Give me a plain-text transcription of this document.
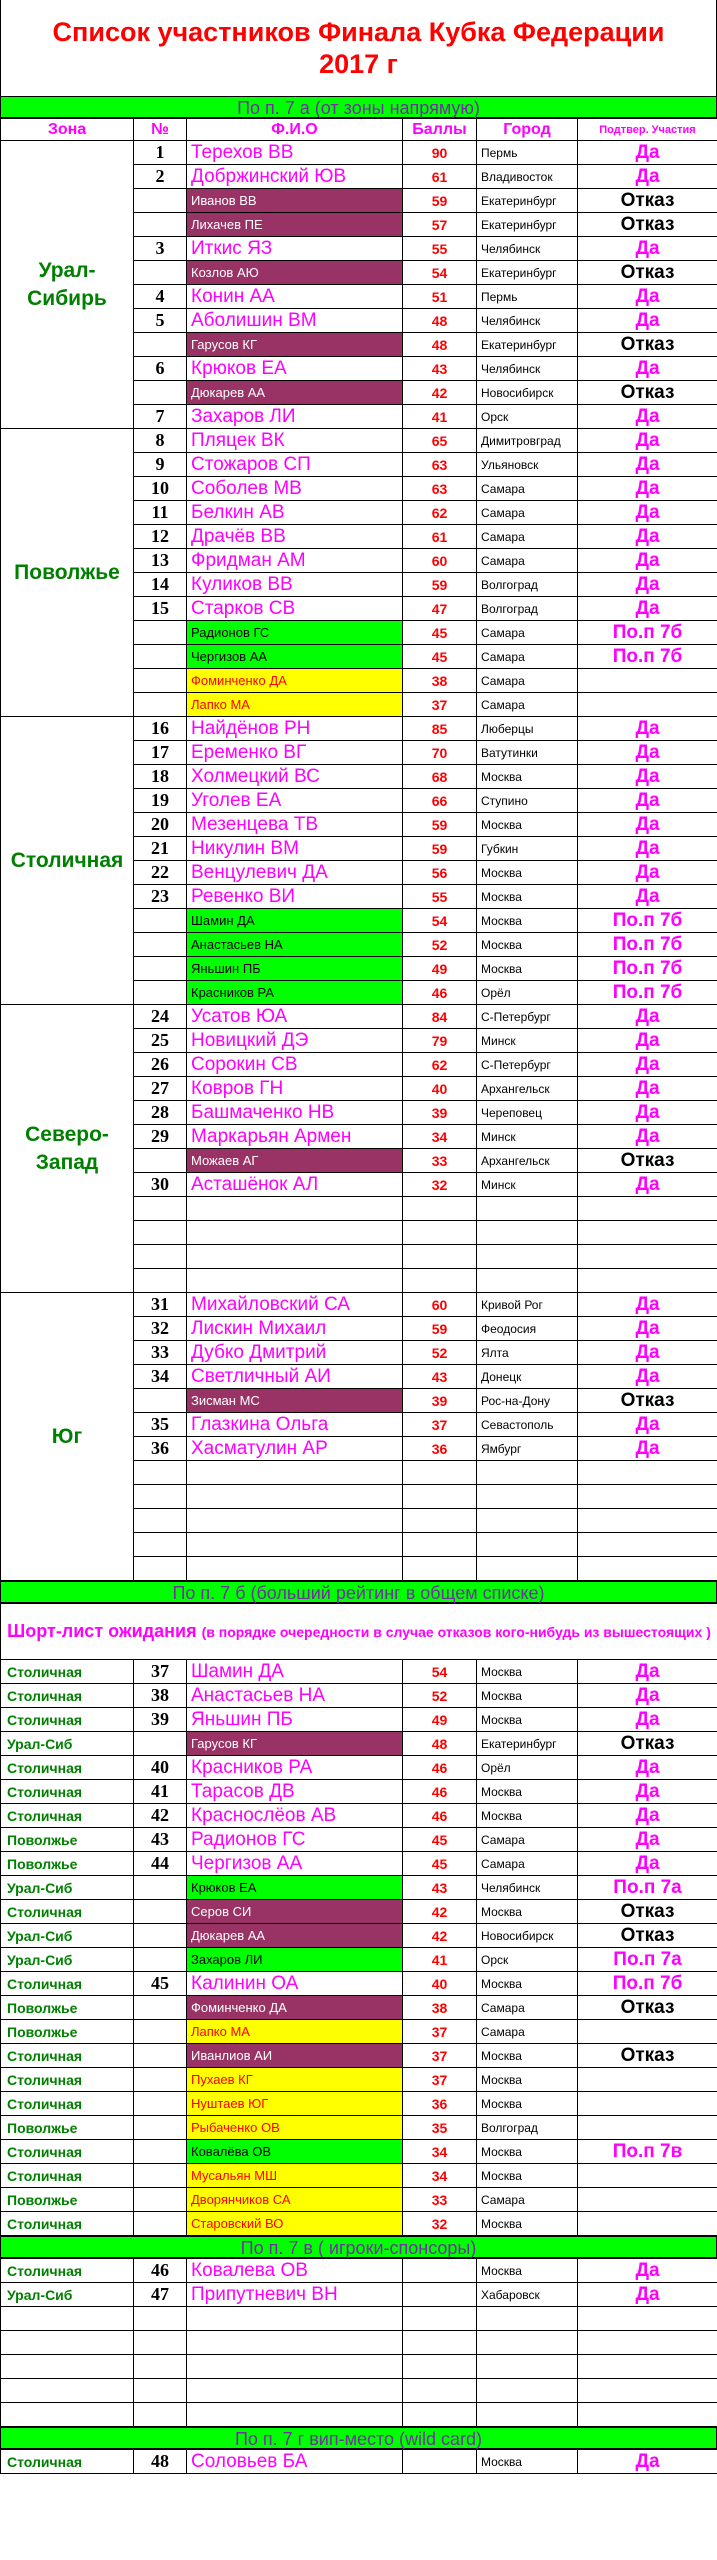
Список участников Финала Кубка Федерации
2017 г
По п. 7 а (от зоны напрямую)
Зона	№	Ф.И.О	Баллы	Город	Подтвер. Участия
Урал-Сибирь	1	Терехов ВВ	90	Пермь	Да
	2	Добржинский ЮВ	61	Владивосток	Да
		Иванов ВВ	59	Екатеринбург	Отказ
		Лихачев ПЕ	57	Екатеринбург	Отказ
	3	Иткис ЯЗ	55	Челябинск	Да
		Козлов АЮ	54	Екатеринбург	Отказ
	4	Конин АА	51	Пермь	Да
	5	Аболишин ВМ	48	Челябинск	Да
		Гарусов КГ	48	Екатеринбург	Отказ
	6	Крюков ЕА	43	Челябинск	Да
		Дюкарев АА	42	Новосибирск	Отказ
	7	Захаров ЛИ	41	Орск	Да
Поволжье	8	Пляцек ВК	65	Димитровград	Да
	9	Стожаров СП	63	Ульяновск	Да
	10	Соболев МВ	63	Самара	Да
	11	Белкин АВ	62	Самара	Да
	12	Драчёв ВВ	61	Самара	Да
	13	Фридман АМ	60	Самара	Да
	14	Куликов ВВ	59	Волгоград	Да
	15	Старков СВ	47	Волгоград	Да
		Радионов ГС	45	Самара	По.п 7б
		Чергизов АА	45	Самара	По.п 7б
		Фоминченко ДА	38	Самара	
		Лапко МА	37	Самара	
Столичная	16	Найдёнов РН	85	Люберцы	Да
	17	Еременко ВГ	70	Ватутинки	Да
	18	Холмецкий ВС	68	Москва	Да
	19	Уголев ЕА	66	Ступино	Да
	20	Мезенцева ТВ	59	Москва	Да
	21	Никулин ВМ	59	Губкин	Да
	22	Венцулевич ДА	56	Москва	Да
	23	Ревенко ВИ	55	Москва	Да
		Шамин ДА	54	Москва	По.п 7б
		Анастасьев НА	52	Москва	По.п 7б
		Яньшин ПБ	49	Москва	По.п 7б
		Красников РА	46	Орёл	По.п 7б
Северо-Запад	24	Усатов ЮА	84	С-Петербург	Да
	25	Новицкий ДЭ	79	Минск	Да
	26	Сорокин СВ	62	С-Петербург	Да
	27	Ковров ГН	40	Архангельск	Да
	28	Башмаченко НВ	39	Череповец	Да
	29	Маркарьян Армен	34	Минск	Да
		Можаев АГ	33	Архангельск	Отказ
	30	Асташёнок АЛ	32	Минск	Да

Юг	31	Михайловский СА	60	Кривой Рог	Да
	32	Лискин Михаил	59	Феодосия	Да
	33	Дубко Дмитрий	52	Ялта	Да
	34	Светличный АИ	43	Донецк	Да
		Зисман МС	39	Рос-на-Дону	Отказ
	35	Глазкина Ольга	37	Севастополь	Да
	36	Хасматулин АР	36	Ямбург	Да

По п. 7 б (больший рейтинг в общем списке)
Шорт-лист ожидания (в порядке очередности в случае отказов кого-нибудь из вышестоящих )					
Столичная	37	Шамин ДА	54	Москва	Да
Столичная	38	Анастасьев НА	52	Москва	Да
Столичная	39	Яньшин ПБ	49	Москва	Да
Урал-Сиб		Гарусов КГ	48	Екатеринбург	Отказ
Столичная	40	Красников РА	46	Орёл	Да
Столичная	41	Тарасов ДВ	46	Москва	Да
Столичная	42	Краснослёов АВ	46	Москва	Да
Поволжье	43	Радионов ГС	45	Самара	Да
Поволжье	44	Чергизов АА	45	Самара	Да
Урал-Сиб		Крюков ЕА	43	Челябинск	По.п 7а
Столичная		Серов СИ	42	Москва	Отказ
Урал-Сиб		Дюкарев АА	42	Новосибирск	Отказ
Урал-Сиб		Захаров ЛИ	41	Орск	По.п 7а
Столичная	45	Калинин ОА	40	Москва	По.п 7б
Поволжье		Фоминченко ДА	38	Самара	Отказ
Поволжье		Лапко МА	37	Самара	
Столичная		Иванлиов АИ	37	Москва	Отказ
Столичная		Пухаев КГ	37	Москва	
Столичная		Нуштаев ЮГ	36	Москва	
Поволжье		Рыбаченко ОВ	35	Волгоград	
Столичная		Ковалёва ОВ	34	Москва	По.п 7в
Столичная		Мусальян МШ	34	Москва	
Поволжье		Дворянчиков СА	33	Самара	
Столичная		Старовский ВО	32	Москва	
По п. 7 в ( игроки-спонсоры)
Столичная	46	Ковалева ОВ		Москва	Да
Урал-Сиб	47	Припутневич ВН		Хабаровск	Да

По п. 7 г вип-место (wild card)
Столичная	48	Соловьев БА		Москва	Да
